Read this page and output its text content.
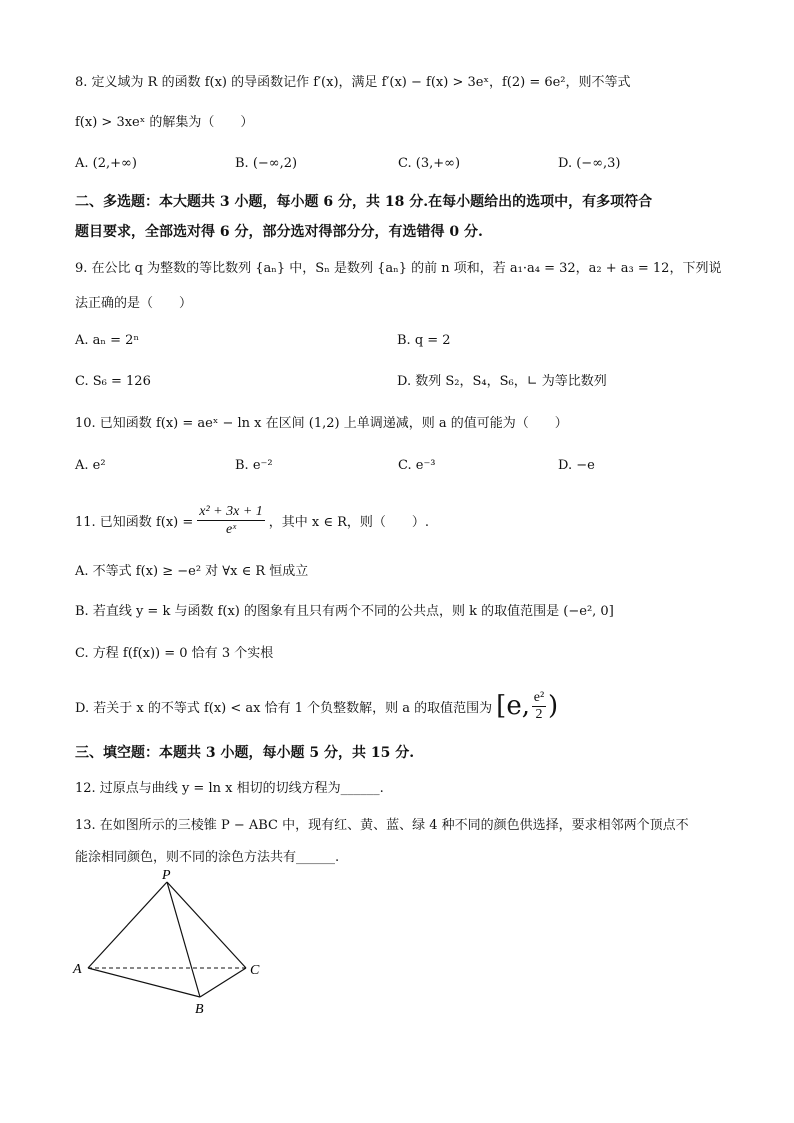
8. 定义域为 R 的函数 f(x) 的导函数记作 f′(x)，满足 f′(x) − f(x) > 3eˣ，f(2) = 6e²，则不等式
f(x) > 3xeˣ 的解集为（　　）
A. (2,+∞)	B. (−∞,2)	C. (3,+∞)	D. (−∞,3)
二、多选题：本大题共 3 小题，每小题 6 分，共 18 分.在每小题给出的选项中，有多项符合
题目要求，全部选对得 6 分，部分选对得部分分，有选错得 0 分.
9. 在公比 q 为整数的等比数列 {aₙ} 中，Sₙ 是数列 {aₙ} 的前 n 项和，若 a₁·a₄ = 32，a₂ + a₃ = 12，下列说
法正确的是（　　）
A. aₙ = 2ⁿ	B. q = 2
C. S₆ = 126	D. 数列 S₂，S₄，S₆，∟ 为等比数列
10. 已知函数 f(x) = aeˣ − ln x 在区间 (1,2) 上单调递减，则 a 的值可能为（　　）
A. e²	B. e⁻²	C. e⁻³	D. −e
11. 已知函数 f(x) =
x² + 3x + 1
eˣ	，其中 x ∈ R，则（　　）.
A. 不等式 f(x) ≥ −e² 对 ∀x ∈ R 恒成立
B. 若直线 y = k 与函数 f(x) 的图象有且只有两个不同的公共点，则 k 的取值范围是 (−e², 0]
C. 方程 f(f(x)) = 0 恰有 3 个实根
D. 若关于 x 的不等式 f(x) < ax 恰有 1 个负整数解，则 a 的取值范围为 [e, e²
2 )
三、填空题：本题共 3 小题，每小题 5 分，共 15 分.
12. 过原点与曲线 y = ln x 相切的切线方程为______.
13. 在如图所示的三棱锥 P − ABC 中，现有红、黄、蓝、绿 4 种不同的颜色供选择，要求相邻两个顶点不
能涂相同颜色，则不同的涂色方法共有______.
P
A
B
C
